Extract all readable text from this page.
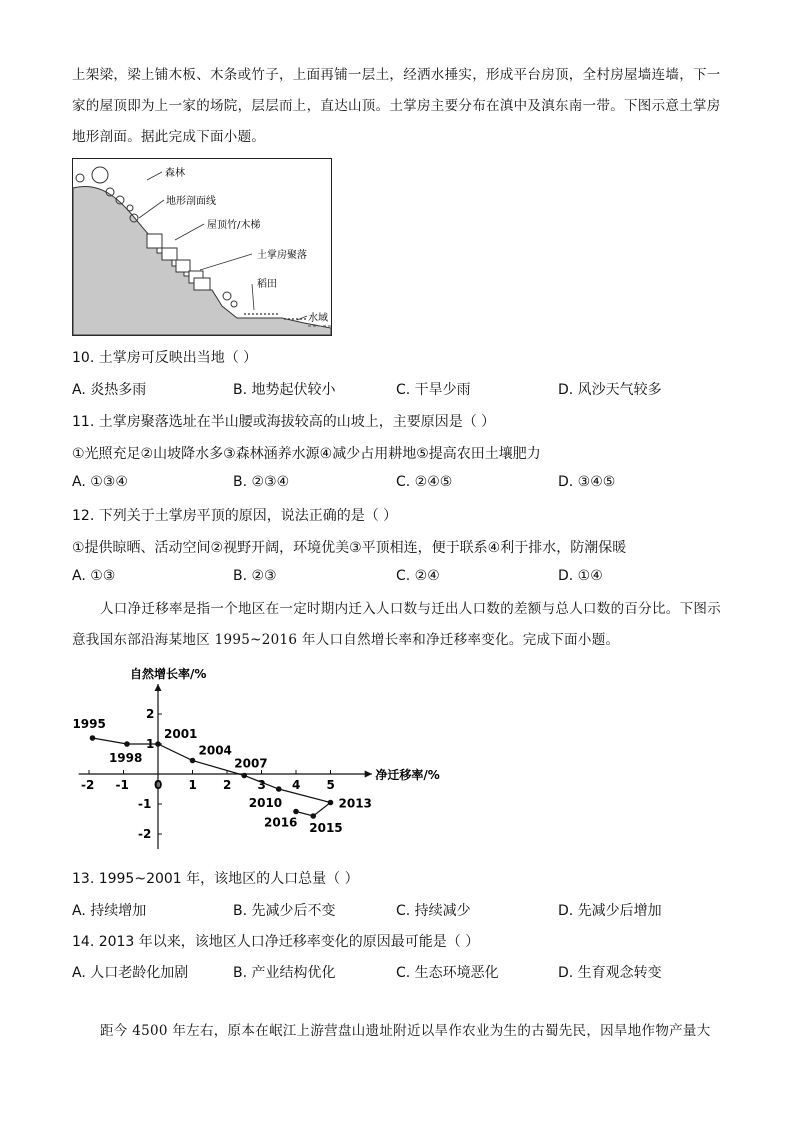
上架梁，梁上铺木板、木条或竹子，上面再铺一层土，经洒水捶实，形成平台房顶，全村房屋墙连墙，下一家的屋顶即为上一家的场院，层层而上，直达山顶。土掌房主要分布在滇中及滇东南一带。下图示意土掌房地形剖面。据此完成下面小题。
森林
地形剖面线
屋顶竹/木梯
土掌房聚落
稻田
水域
10. 土掌房可反映出当地（ ）
A. 炎热多雨	B. 地势起伏较小	C. 干旱少雨	D. 风沙天气较多
11. 土掌房聚落选址在半山腰或海拔较高的山坡上，主要原因是（ ）
①光照充足②山坡降水多③森林涵养水源④减少占用耕地⑤提高农田土壤肥力
A. ①③④	B. ②③④	C. ②④⑤	D. ③④⑤
12. 下列关于土掌房平顶的原因，说法正确的是（ ）
①提供晾晒、活动空间②视野开阔，环境优美③平顶相连，便于联系④利于排水，防潮保暖
A. ①③	B. ②③	C. ②④	D. ①④
人口净迁移率是指一个地区在一定时期内迁入人口数与迁出人口数的差额与总人口数的百分比。下图示意我国东部沿海某地区 1995~2016 年人口自然增长率和净迁移率变化。完成下面小题。
净迁移率/%
自然增长率/%
-2 -1 0 1 2 3 4 5
2
1
-1
-2
1995
1998
2001
2004
2007
2010	2013
2015
2016
13. 1995~2001 年，该地区的人口总量（ ）
A. 持续增加	B. 先减少后不变	C. 持续减少	D. 先减少后增加
14. 2013 年以来，该地区人口净迁移率变化的原因最可能是（ ）
A. 人口老龄化加剧	B. 产业结构优化	C. 生态环境恶化	D. 生育观念转变
距今 4500 年左右，原本在岷江上游营盘山遗址附近以旱作农业为生的古蜀先民，因旱地作物产量大
